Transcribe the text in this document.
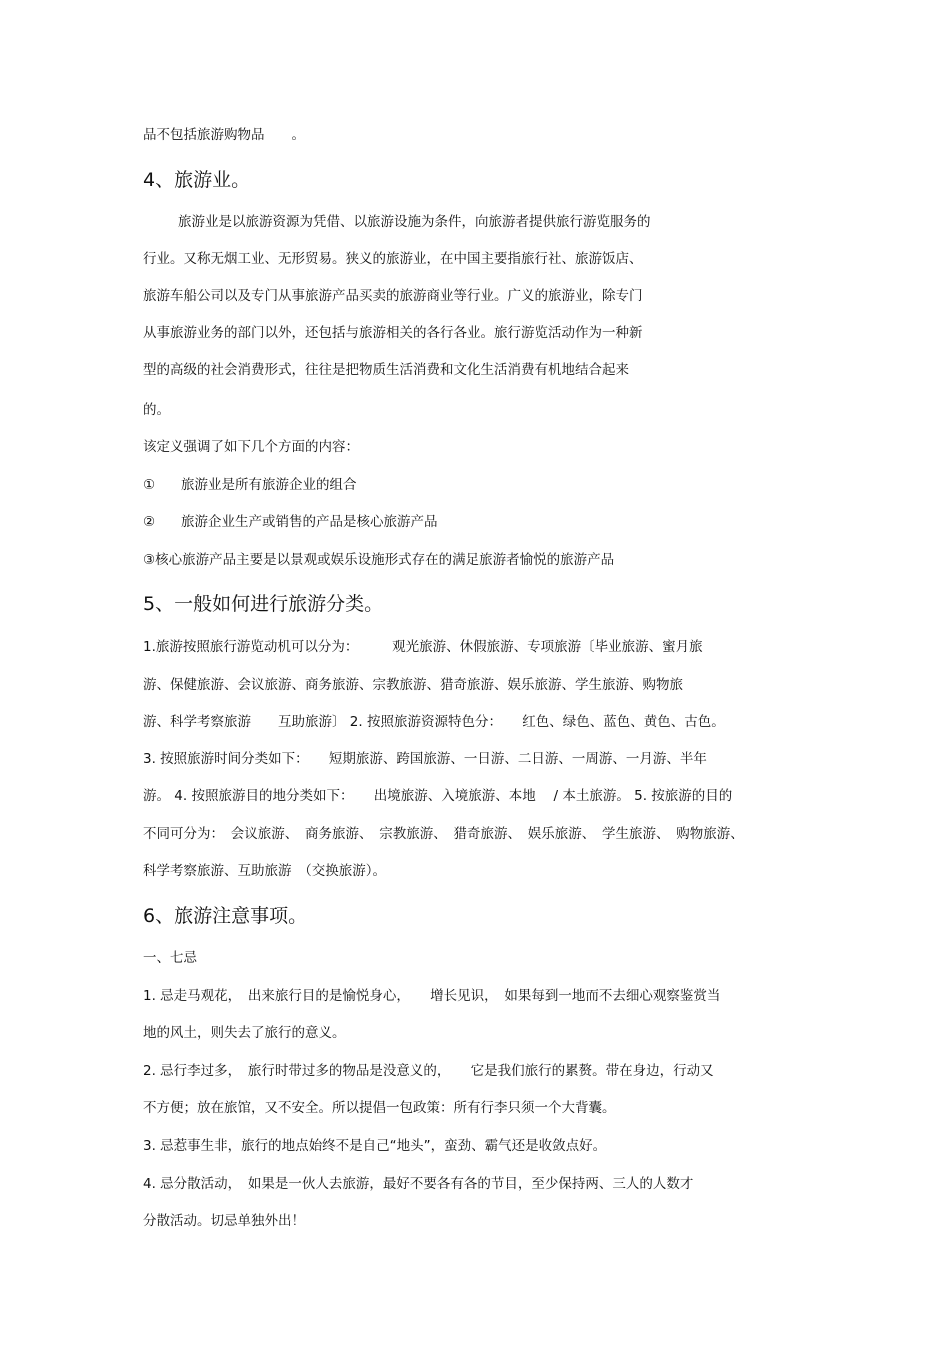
品不包括旅游购物品　　。
4、旅游业。
旅游业是以旅游资源为凭借、以旅游设施为条件，向旅游者提供旅行游览服务的
行业。又称无烟工业、无形贸易。狭义的旅游业，在中国主要指旅行社、旅游饭店、
旅游车船公司以及专门从事旅游产品买卖的旅游商业等行业。广义的旅游业，除专门
从事旅游业务的部门以外，还包括与旅游相关的各行各业。旅行游览活动作为一种新
型的高级的社会消费形式，往往是把物质生活消费和文化生活消费有机地结合起来
的。
该定义强调了如下几个方面的内容：
① 旅游业是所有旅游企业的组合
② 旅游企业生产或销售的产品是核心旅游产品
③核心旅游产品主要是以景观或娱乐设施形式存在的满足旅游者愉悦的旅游产品
5、一般如何进行旅游分类。
1.旅游按照旅行游览动机可以分为：　　　观光旅游、休假旅游、专项旅游〔毕业旅游、蜜月旅
游、保健旅游、会议旅游、商务旅游、宗教旅游、猎奇旅游、娱乐旅游、学生旅游、购物旅
游、科学考察旅游　　互助旅游〕 2. 按照旅游资源特色分：　　红色、绿色、蓝色、黄色、古色。
3. 按照旅游时间分类如下：　　短期旅游、跨国旅游、一日游、二日游、一周游、一月游、半年
游。 4. 按照旅游目的地分类如下：　　出境旅游、入境旅游、本地　 / 本土旅游。 5. 按旅游的目的
不同可分为：　会议旅游、　商务旅游、　宗教旅游、　猎奇旅游、　娱乐旅游、　学生旅游、　购物旅游、
科学考察旅游、互助旅游　（交换旅游）。
6、旅游注意事项。
一、七忌
1. 忌走马观花，　出来旅行目的是愉悦身心，　　增长见识，　如果每到一地而不去细心观察鉴赏当
地的风土，则失去了旅行的意义。
2. 忌行李过多，　旅行时带过多的物品是没意义的，　　它是我们旅行的累赘。带在身边，行动又
不方便；放在旅馆，又不安全。所以提倡一包政策：所有行李只须一个大背囊。
3. 忌惹事生非，旅行的地点始终不是自己“地头”，蛮劲、霸气还是收敛点好。
4. 忌分散活动，　如果是一伙人去旅游，最好不要各有各的节目，至少保持两、三人的人数才
分散活动。切忌单独外出！
